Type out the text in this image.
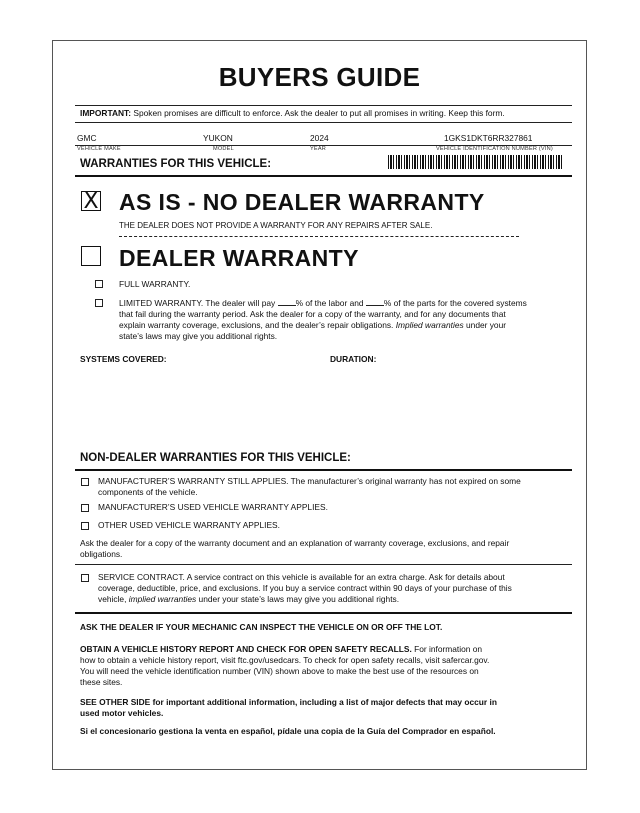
BUYERS GUIDE
IMPORTANT: Spoken promises are difficult to enforce. Ask the dealer to put all promises in writing. Keep this form.
GMC	YUKON	2024	1GKS1DKT6RR327861
VEHICLE MAKE	MODEL	YEAR	VEHICLE IDENTIFICATION NUMBER (VIN)
WARRANTIES FOR THIS VEHICLE:
X AS IS - NO DEALER WARRANTY
THE DEALER DOES NOT PROVIDE A WARRANTY FOR ANY REPAIRS AFTER SALE.
DEALER WARRANTY
FULL WARRANTY.

LIMITED WARRANTY. The dealer will pay % of the labor and % of the parts for the covered systems

that fail during the warranty period. Ask the dealer for a copy of the warranty, and for any documents that

explain warranty coverage, exclusions, and the dealer’s repair obligations. Implied warranties under your

state’s laws may give you additional rights.

SYSTEMS COVERED:	DURATION:
NON-DEALER WARRANTIES FOR THIS VEHICLE:

MANUFACTURER’S WARRANTY STILL APPLIES. The manufacturer’s original warranty has not expired on some

components of the vehicle.

MANUFACTURER’S USED VEHICLE WARRANTY APPLIES.
OTHER USED VEHICLE WARRANTY APPLIES.

Ask the dealer for a copy of the warranty document and an explanation of warranty coverage, exclusions, and repair

obligations.

SERVICE CONTRACT. A service contract on this vehicle is available for an extra charge. Ask for details about

coverage, deductible, price, and exclusions. If you buy a service contract within 90 days of your purchase of this

vehicle, implied warranties under your state’s laws may give you additional rights.

ASK THE DEALER IF YOUR MECHANIC CAN INSPECT THE VEHICLE ON OR OFF THE LOT.

OBTAIN A VEHICLE HISTORY REPORT AND CHECK FOR OPEN SAFETY RECALLS. For information on

how to obtain a vehicle history report, visit ftc.gov/usedcars. To check for open safety recalls, visit safercar.gov.

You will need the vehicle identification number (VIN) shown above to make the best use of the resources on

these sites.

SEE OTHER SIDE for important additional information, including a list of major defects that may occur in

used motor vehicles.

Si el concesionario gestiona la venta en español, pídale una copia de la Guía del Comprador en español.
